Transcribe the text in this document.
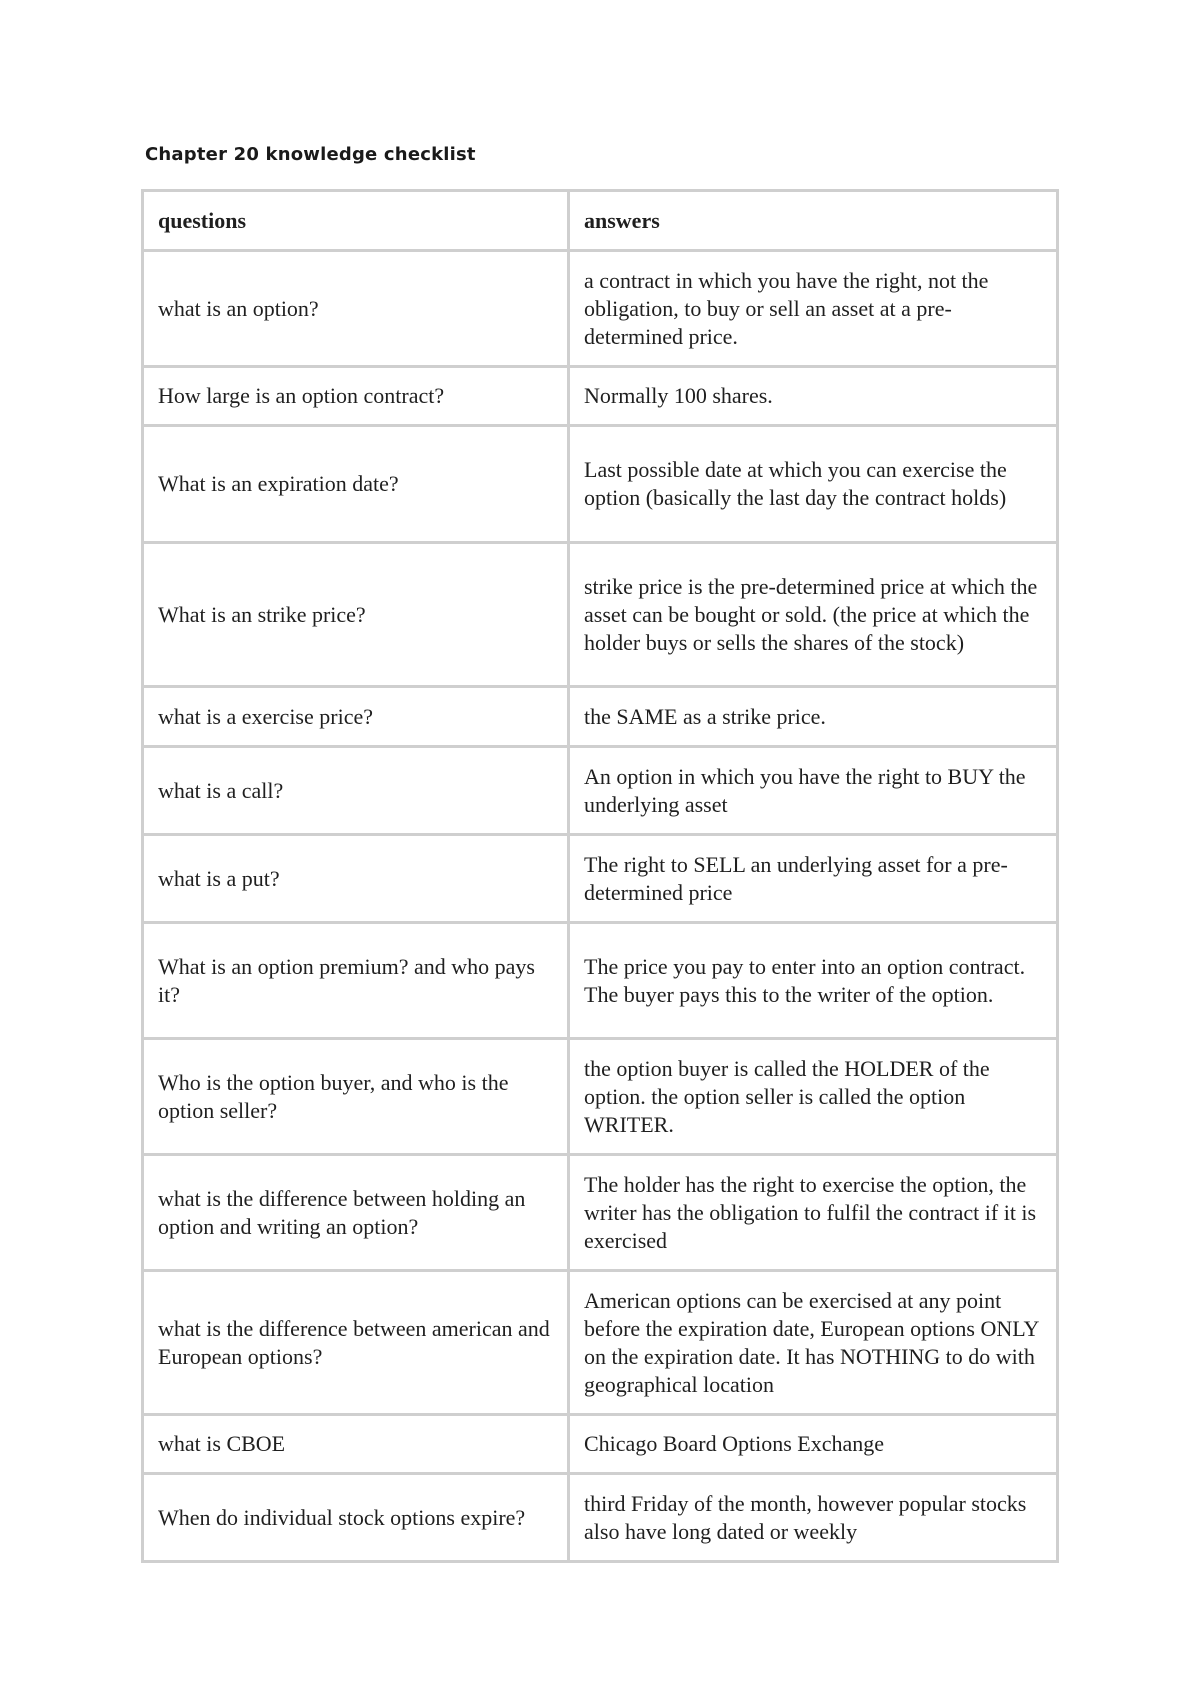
Chapter 20 knowledge checklist
questions	answers
what is an option?	a contract in which you have the right, not the obligation, to buy or sell an asset at a pre-determined price.
How large is an option contract?	Normally 100 shares.
What is an expiration date?	Last possible date at which you can exercise the option (basically the last day the contract holds)
What is an strike price?	strike price is the pre-determined price at which the asset can be bought or sold. (the price at which the holder buys or sells the shares of the stock)
what is a exercise price?	the SAME as a strike price.
what is a call?	An option in which you have the right to BUY the underlying asset
what is a put?	The right to SELL an underlying asset for a pre-determined price
What is an option premium? and who pays it?	The price you pay to enter into an option contract. The buyer pays this to the writer of the option.
Who is the option buyer, and who is the option seller?	the option buyer is called the HOLDER of the option. the option seller is called the option WRITER.
what is the difference between holding an option and writing an option?	The holder has the right to exercise the option, the writer has the obligation to fulfil the contract if it is exercised
what is the difference between american and European options?	American options can be exercised at any point before the expiration date, European options ONLY on the expiration date. It has NOTHING to do with geographical location
what is CBOE	Chicago Board Options Exchange
When do individual stock options expire?	third Friday of the month, however popular stocks also have long dated or weekly
